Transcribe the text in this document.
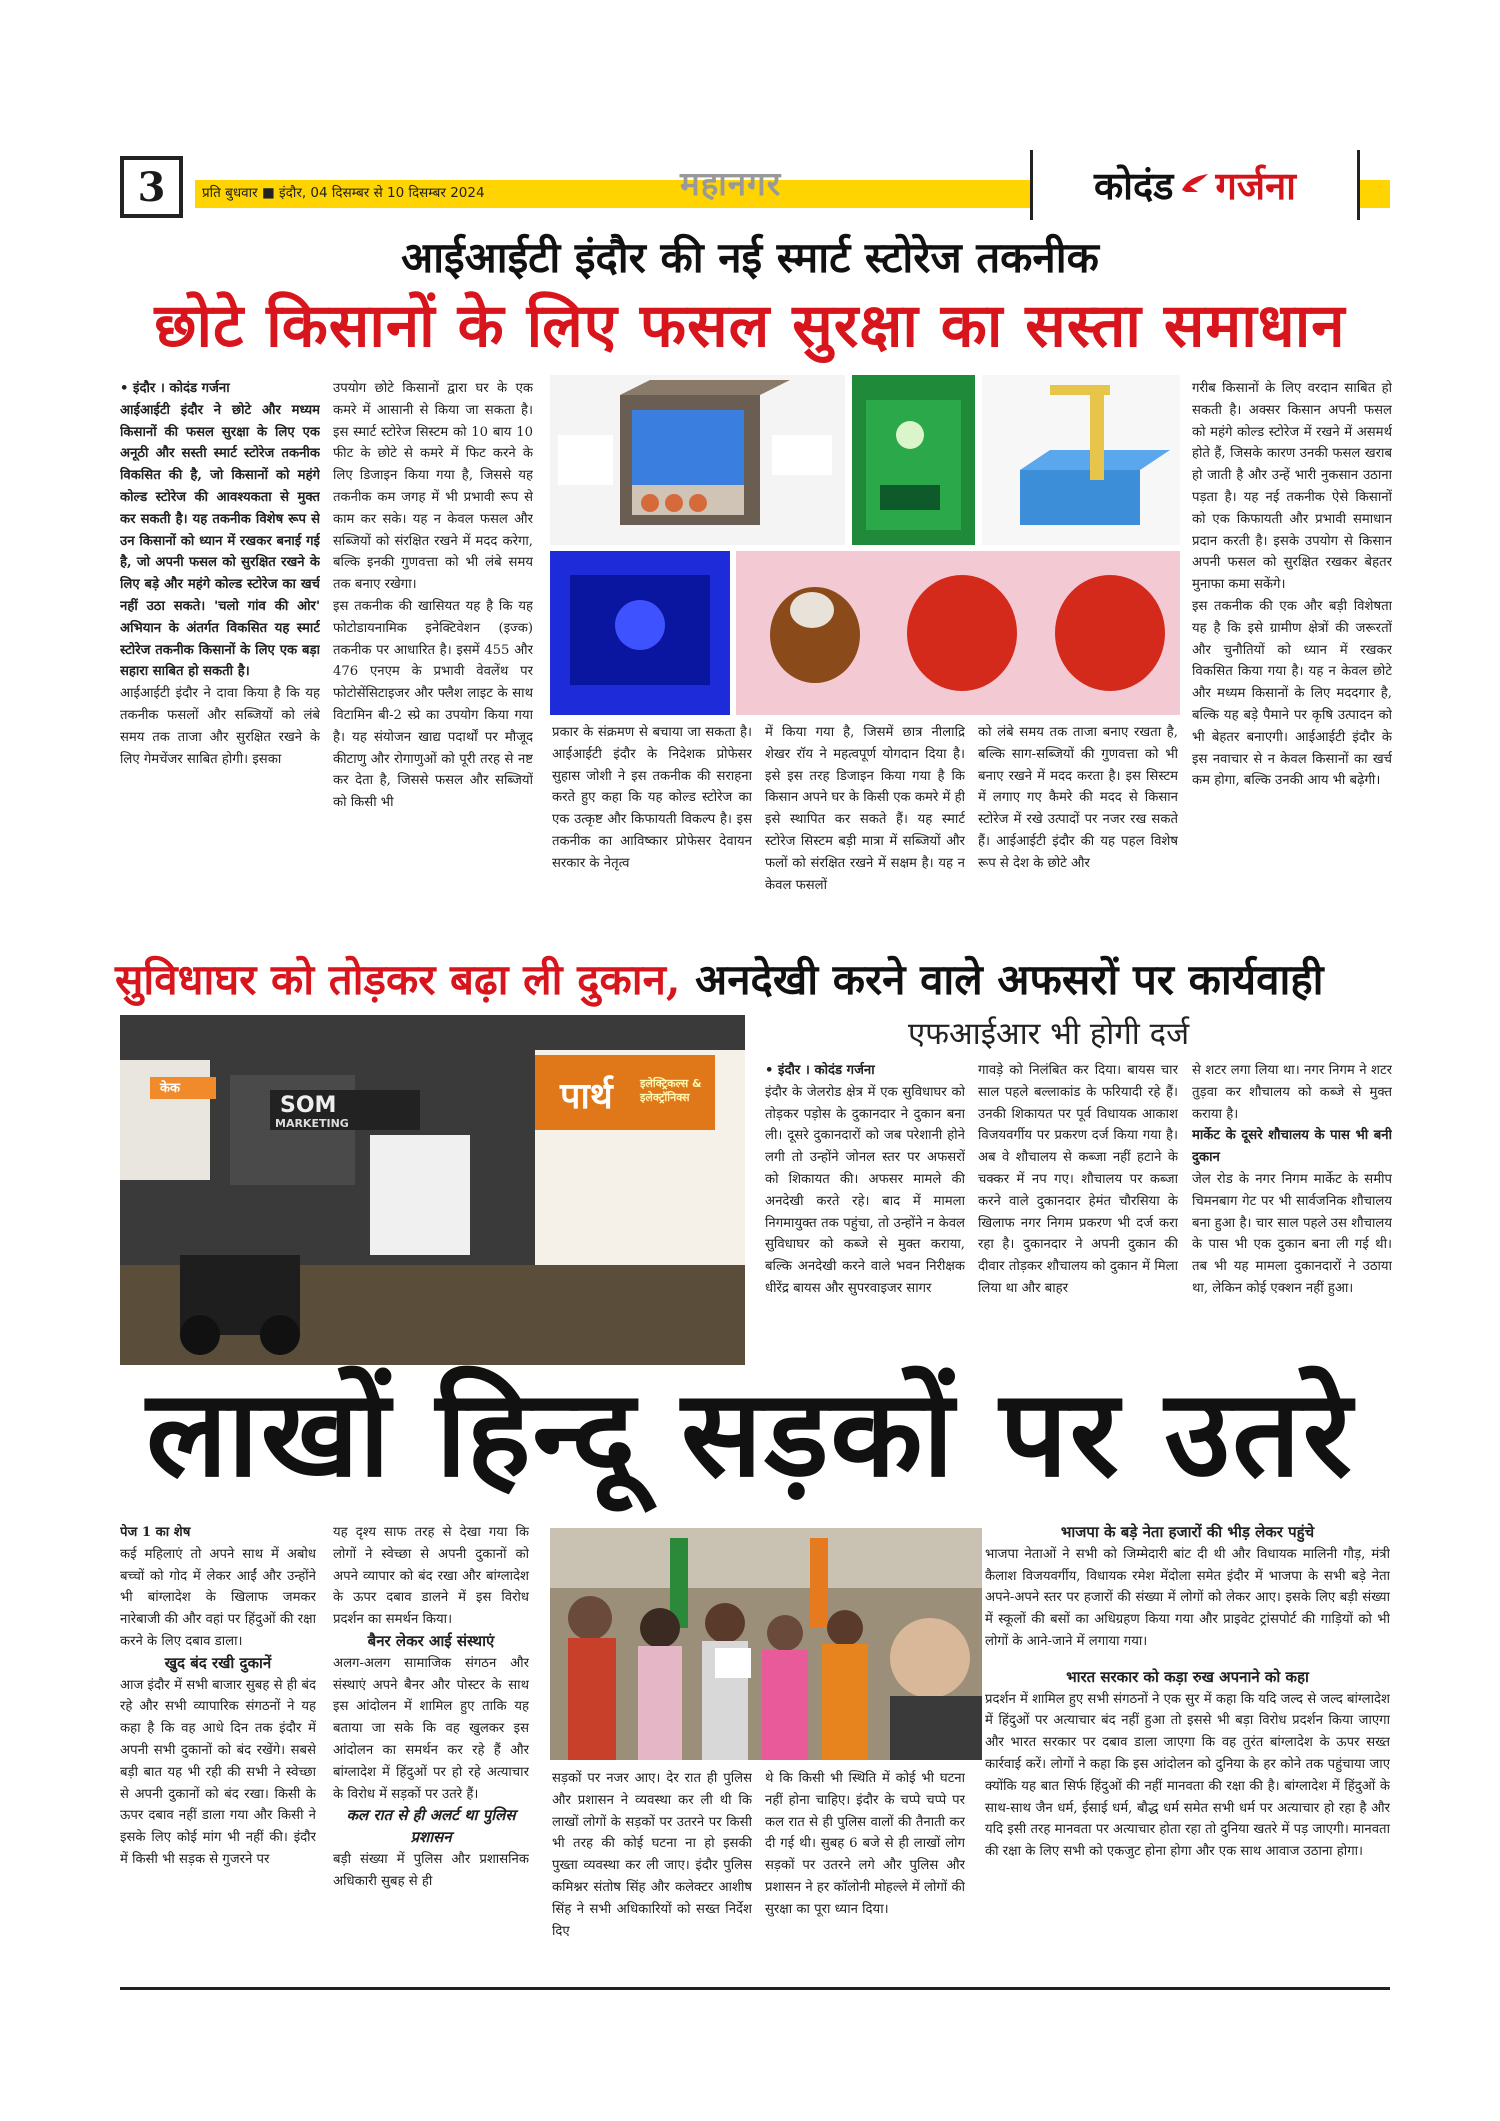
3	प्रति बुधवार ■ इंदौर, 04 दिसम्बर से 10 दिसम्बर 2024	महानगर	कोदंड गर्जना
आईआईटी इंदौर की नई स्मार्ट स्टोरेज तकनीक
छोटे किसानों के लिए फसल सुरक्षा का सस्ता समाधान

• इंदौर । कोदंड गर्जना

आईआईटी इंदौर ने छोटे और मध्यम किसानों की फसल सुरक्षा के लिए एक अनूठी और सस्ती स्मार्ट स्टोरेज तकनीक विकसित की है, जो किसानों को महंगे कोल्ड स्टोरेज की आवश्यकता से मुक्त कर सकती है। यह तकनीक विशेष रूप से उन किसानों को ध्यान में रखकर बनाई गई है, जो अपनी फसल को सुरक्षित रखने के लिए बड़े और महंगे कोल्ड स्टोरेज का खर्च नहीं उठा सकते। 'चलो गांव की ओर' अभियान के अंतर्गत विकसित यह स्मार्ट स्टोरेज तकनीक किसानों के लिए एक बड़ा सहारा साबित हो सकती है।

आईआईटी इंदौर ने दावा किया है कि यह तकनीक फसलों और सब्जियों को लंबे समय तक ताजा और सुरक्षित रखने के लिए गेमचेंजर साबित होगी। इसका

उपयोग छोटे किसानों द्वारा घर के एक कमरे में आसानी से किया जा सकता है। इस स्मार्ट स्टोरेज सिस्टम को 10 बाय 10 फीट के छोटे से कमरे में फिट करने के लिए डिजाइन किया गया है, जिससे यह तकनीक कम जगह में भी प्रभावी रूप से काम कर सके। यह न केवल फसल और सब्जियों को संरक्षित रखने में मदद करेगा, बल्कि इनकी गुणवत्ता को भी लंबे समय तक बनाए रखेगा।

इस तकनीक की खासियत यह है कि यह फोटोडायनामिक इनेक्टिवेशन (इज्क) तकनीक पर आधारित है। इसमें 455 और 476 एनएम के प्रभावी वेवलेंथ पर फोटोसेंसिटाइजर और फ्लैश लाइट के साथ विटामिन बी-2 स्प्रे का उपयोग किया गया है। यह संयोजन खाद्य पदार्थों पर मौजूद कीटाणु और रोगाणुओं को पूरी तरह से नष्ट कर देता है, जिससे फसल और सब्जियों को किसी भी

प्रकार के संक्रमण से बचाया जा सकता है। आईआईटी इंदौर के निदेशक प्रोफेसर सुहास जोशी ने इस तकनीक की सराहना करते हुए कहा कि यह कोल्ड स्टोरेज का एक उत्कृष्ट और किफायती विकल्प है। इस तकनीक का आविष्कार प्रोफेसर देवायन सरकार के नेतृत्व

में किया गया है, जिसमें छात्र नीलाद्रि शेखर रॉय ने महत्वपूर्ण योगदान दिया है। इसे इस तरह डिजाइन किया गया है कि किसान अपने घर के किसी एक कमरे में ही इसे स्थापित कर सकते हैं। यह स्मार्ट स्टोरेज सिस्टम बड़ी मात्रा में सब्जियों और फलों को संरक्षित रखने में सक्षम है। यह न केवल फसलों

को लंबे समय तक ताजा बनाए रखता है, बल्कि साग-सब्जियों की गुणवत्ता को भी बनाए रखने में मदद करता है। इस सिस्टम में लगाए गए कैमरे की मदद से किसान स्टोरेज में रखे उत्पादों पर नजर रख सकते हैं। आईआईटी इंदौर की यह पहल विशेष रूप से देश के छोटे और

गरीब किसानों के लिए वरदान साबित हो सकती है। अक्सर किसान अपनी फसल को महंगे कोल्ड स्टोरेज में रखने में असमर्थ होते हैं, जिसके कारण उनकी फसल खराब हो जाती है और उन्हें भारी नुकसान उठाना पड़ता है। यह नई तकनीक ऐसे किसानों को एक किफायती और प्रभावी समाधान प्रदान करती है। इसके उपयोग से किसान अपनी फसल को सुरक्षित रखकर बेहतर मुनाफा कमा सकेंगे।

इस तकनीक की एक और बड़ी विशेषता यह है कि इसे ग्रामीण क्षेत्रों की जरूरतों और चुनौतियों को ध्यान में रखकर विकसित किया गया है। यह न केवल छोटे और मध्यम किसानों के लिए मददगार है, बल्कि यह बड़े पैमाने पर कृषि उत्पादन को भी बेहतर बनाएगी। आईआईटी इंदौर के इस नवाचार से न केवल किसानों का खर्च कम होगा, बल्कि उनकी आय भी बढ़ेगी।

सुविधाघर को तोड़कर बढ़ा ली दुकान, अनदेखी करने वाले अफसरों पर कार्यवाही
एफआईआर भी होगी दर्ज
पार्थ इलेक्ट्रिकल्स & इलेक्ट्रॉनिक्स
SOM
MARKETING
केक

• इंदौर । कोदंड गर्जना

इंदौर के जेलरोड क्षेत्र में एक सुविधाघर को तोड़कर पड़ोस के दुकानदार ने दुकान बना ली। दूसरे दुकानदारों को जब परेशानी होने लगी तो उन्होंने जोनल स्तर पर अफसरों को शिकायत की। अफसर मामले की अनदेखी करते रहे। बाद में मामला निगमायुक्त तक पहुंचा, तो उन्होंने न केवल सुविधाघर को कब्जे से मुक्त कराया, बल्कि अनदेखी करने वाले भवन निरीक्षक धीरेंद्र बायस और सुपरवाइजर सागर

गावड़े को निलंबित कर दिया। बायस चार साल पहले बल्लाकांड के फरियादी रहे हैं। उनकी शिकायत पर पूर्व विधायक आकाश विजयवर्गीय पर प्रकरण दर्ज किया गया है। अब वे शौचालय से कब्जा नहीं हटाने के चक्कर में नप गए। शौचालय पर कब्जा करने वाले दुकानदार हेमंत चौरसिया के खिलाफ नगर निगम प्रकरण भी दर्ज करा रहा है। दुकानदार ने अपनी दुकान की दीवार तोड़कर शौचालय को दुकान में मिला लिया था और बाहर

से शटर लगा लिया था। नगर निगम ने शटर तुड़वा कर शौचालय को कब्जे से मुक्त कराया है।

मार्केट के दूसरे शौचालय के पास भी बनी दुकान

जेल रोड के नगर निगम मार्केट के समीप चिमनबाग गेट पर भी सार्वजनिक शौचालय बना हुआ है। चार साल पहले उस शौचालय के पास भी एक दुकान बना ली गई थी। तब भी यह मामला दुकानदारों ने उठाया था, लेकिन कोई एक्शन नहीं हुआ।

लाखों हिन्दू सड़कों पर उतरे

पेज 1 का शेष

कई महिलाएं तो अपने साथ में अबोध बच्चों को गोद में लेकर आईं और उन्होंने भी बांग्लादेश के खिलाफ जमकर नारेबाजी की और वहां पर हिंदुओं की रक्षा करने के लिए दबाव डाला।

खुद बंद रखी दुकानें

आज इंदौर में सभी बाजार सुबह से ही बंद रहे और सभी व्यापारिक संगठनों ने यह कहा है कि वह आधे दिन तक इंदौर में अपनी सभी दुकानों को बंद रखेंगे। सबसे बड़ी बात यह भी रही की सभी ने स्वेच्छा से अपनी दुकानों को बंद रखा। किसी के ऊपर दबाव नहीं डाला गया और किसी ने इसके लिए कोई मांग भी नहीं की। इंदौर में किसी भी सड़क से गुजरने पर

यह दृश्य साफ तरह से देखा गया कि लोगों ने स्वेच्छा से अपनी दुकानों को अपने व्यापार को बंद रखा और बांग्लादेश के ऊपर दबाव डालने में इस विरोध प्रदर्शन का समर्थन किया।

बैनर लेकर आई संस्थाएं

अलग-अलग सामाजिक संगठन और संस्थाएं अपने बैनर और पोस्टर के साथ इस आंदोलन में शामिल हुए ताकि यह बताया जा सके कि वह खुलकर इस आंदोलन का समर्थन कर रहे हैं और बांग्लादेश में हिंदुओं पर हो रहे अत्याचार के विरोध में सड़कों पर उतरे हैं।

कल रात से ही अलर्ट था पुलिस प्रशासन

बड़ी संख्या में पुलिस और प्रशासनिक अधिकारी सुबह से ही

सड़कों पर नजर आए। देर रात ही पुलिस और प्रशासन ने व्यवस्था कर ली थी कि लाखों लोगों के सड़कों पर उतरने पर किसी भी तरह की कोई घटना ना हो इसकी पुख्ता व्यवस्था कर ली जाए। इंदौर पुलिस कमिश्नर संतोष सिंह और कलेक्टर आशीष सिंह ने सभी अधिकारियों को सख्त निर्देश दिए

थे कि किसी भी स्थिति में कोई भी घटना नहीं होना चाहिए। इंदौर के चप्पे चप्पे पर कल रात से ही पुलिस वालों की तैनाती कर दी गई थी। सुबह 6 बजे से ही लाखों लोग सड़कों पर उतरने लगे और पुलिस और प्रशासन ने हर कॉलोनी मोहल्ले में लोगों की सुरक्षा का पूरा ध्यान दिया।

भाजपा के बड़े नेता हजारों की भीड़ लेकर पहुंचे

भाजपा नेताओं ने सभी को जिम्मेदारी बांट दी थी और विधायक मालिनी गौड़, मंत्री कैलाश विजयवर्गीय, विधायक रमेश मेंदोला समेत इंदौर में भाजपा के सभी बड़े नेता अपने-अपने स्तर पर हजारों की संख्या में लोगों को लेकर आए। इसके लिए बड़ी संख्या में स्कूलों की बसों का अधिग्रहण किया गया और प्राइवेट ट्रांसपोर्ट की गाड़ियों को भी लोगों के आने-जाने में लगाया गया।

भारत सरकार को कड़ा रुख अपनाने को कहा

प्रदर्शन में शामिल हुए सभी संगठनों ने एक सुर में कहा कि यदि जल्द से जल्द बांग्लादेश में हिंदुओं पर अत्याचार बंद नहीं हुआ तो इससे भी बड़ा विरोध प्रदर्शन किया जाएगा और भारत सरकार पर दबाव डाला जाएगा कि वह तुरंत बांग्लादेश के ऊपर सख्त कार्रवाई करें। लोगों ने कहा कि इस आंदोलन को दुनिया के हर कोने तक पहुंचाया जाए क्योंकि यह बात सिर्फ हिंदुओं की नहीं मानवता की रक्षा की है। बांग्लादेश में हिंदुओं के साथ-साथ जैन धर्म, ईसाई धर्म, बौद्ध धर्म समेत सभी धर्म पर अत्याचार हो रहा है और यदि इसी तरह मानवता पर अत्याचार होता रहा तो दुनिया खतरे में पड़ जाएगी। मानवता की रक्षा के लिए सभी को एकजुट होना होगा और एक साथ आवाज उठाना होगा।
